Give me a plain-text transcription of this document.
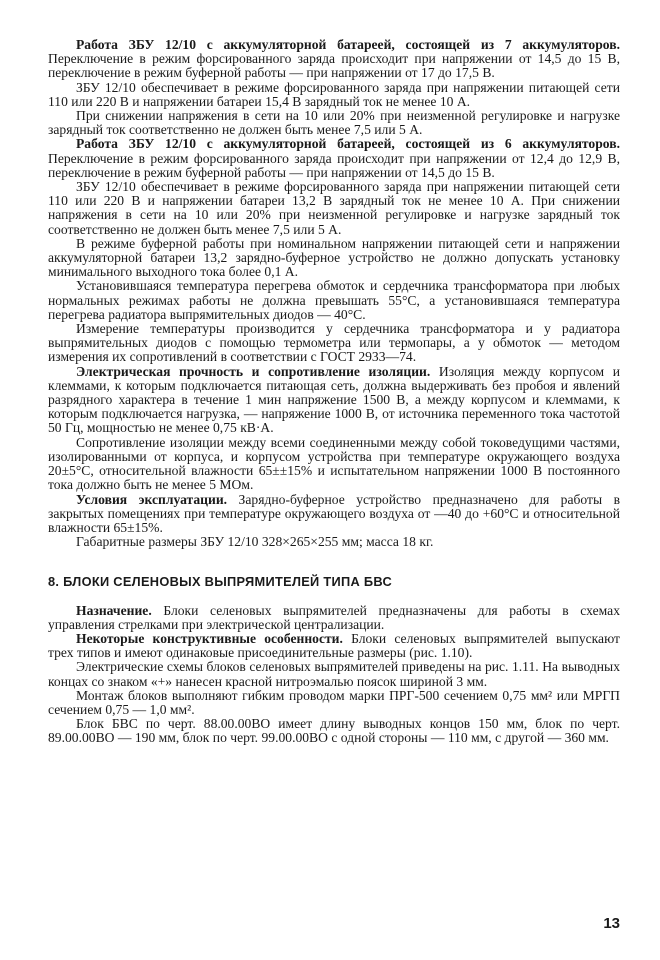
Работа ЗБУ 12/10 с аккумуляторной батареей, состоящей из 7 аккумуляторов. Переключение в режим форсированного заряда происходит при напряжении от 14,5 до 15 В, переключение в режим буферной работы — при напряжении от 17 до 17,5 В.

ЗБУ 12/10 обеспечивает в режиме форсированного заряда при напряжении питающей сети 110 или 220 В и напряжении батареи 15,4 В зарядный ток не менее 10 А.

При снижении напряжения в сети на 10 или 20% при неизменной регулировке и нагрузке зарядный ток соответственно не должен быть менее 7,5 или 5 А.

Работа ЗБУ 12/10 с аккумуляторной батареей, состоящей из 6 аккумуляторов. Переключение в режим форсированного заряда происходит при напряжении от 12,4 до 12,9 В, переключение в режим буферной работы — при напряжении от 14,5 до 15 В.

ЗБУ 12/10 обеспечивает в режиме форсированного заряда при напряжении питающей сети 110 или 220 В и напряжении батареи 13,2 В зарядный ток не менее 10 А. При снижении напряжения в сети на 10 или 20% при неизменной регулировке и нагрузке зарядный ток соответственно не должен быть менее 7,5 или 5 А.

В режиме буферной работы при номинальном напряжении питающей сети и напряжении аккумуляторной батареи 13,2 зарядно-буферное устройство не должно допускать установку минимального выходного тока более 0,1 А.

Установившаяся температура перегрева обмоток и сердечника трансформатора при любых нормальных режимах работы не должна превышать 55°С, а установившаяся температура перегрева радиатора выпрямительных диодов — 40°С.

Измерение температуры производится у сердечника трансформатора и у радиатора выпрямительных диодов с помощью термометра или термопары, а у обмоток — методом измерения их сопротивлений в соответствии с ГОСТ 2933—74.

Электрическая прочность и сопротивление изоляции. Изоляция между корпусом и клеммами, к которым подключается питающая сеть, должна выдерживать без пробоя и явлений разрядного характера в течение 1 мин напряжение 1500 В, а между корпусом и клеммами, к которым подключается нагрузка, — напряжение 1000 В, от источника переменного тока частотой 50 Гц, мощностью не менее 0,75 кВ·А.

Сопротивление изоляции между всеми соединенными между собой токоведущими частями, изолированными от корпуса, и корпусом устройства при температуре окружающего воздуха 20±5°С, относительной влажности 65±±15% и испытательном напряжении 1000 В постоянного тока должно быть не менее 5 МОм.

Условия эксплуатации. Зарядно-буферное устройство предназначено для работы в закрытых помещениях при температуре окружающего воздуха от —40 до +60°С и относительной влажности 65±15%.

Габаритные размеры ЗБУ 12/10 328×265×255 мм; масса 18 кг.

8. БЛОКИ СЕЛЕНОВЫХ ВЫПРЯМИТЕЛЕЙ ТИПА БВС

Назначение. Блоки селеновых выпрямителей предназначены для работы в схемах управления стрелками при электрической централизации.

Некоторые конструктивные особенности. Блоки селеновых выпрямителей выпускают трех типов и имеют одинаковые присоединительные размеры (рис. 1.10).

Электрические схемы блоков селеновых выпрямителей приведены на рис. 1.11. На выводных концах со знаком «+» нанесен красной нитроэмалью поясок шириной 3 мм.

Монтаж блоков выполняют гибким проводом марки ПРГ-500 сечением 0,75 мм² или МРГП сечением 0,75 — 1,0 мм².

Блок БВС по черт. 88.00.00ВО имеет длину выводных концов 150 мм, блок по черт. 89.00.00ВО — 190 мм, блок по черт. 99.00.00ВО с одной стороны — 110 мм, с другой — 360 мм.

13
